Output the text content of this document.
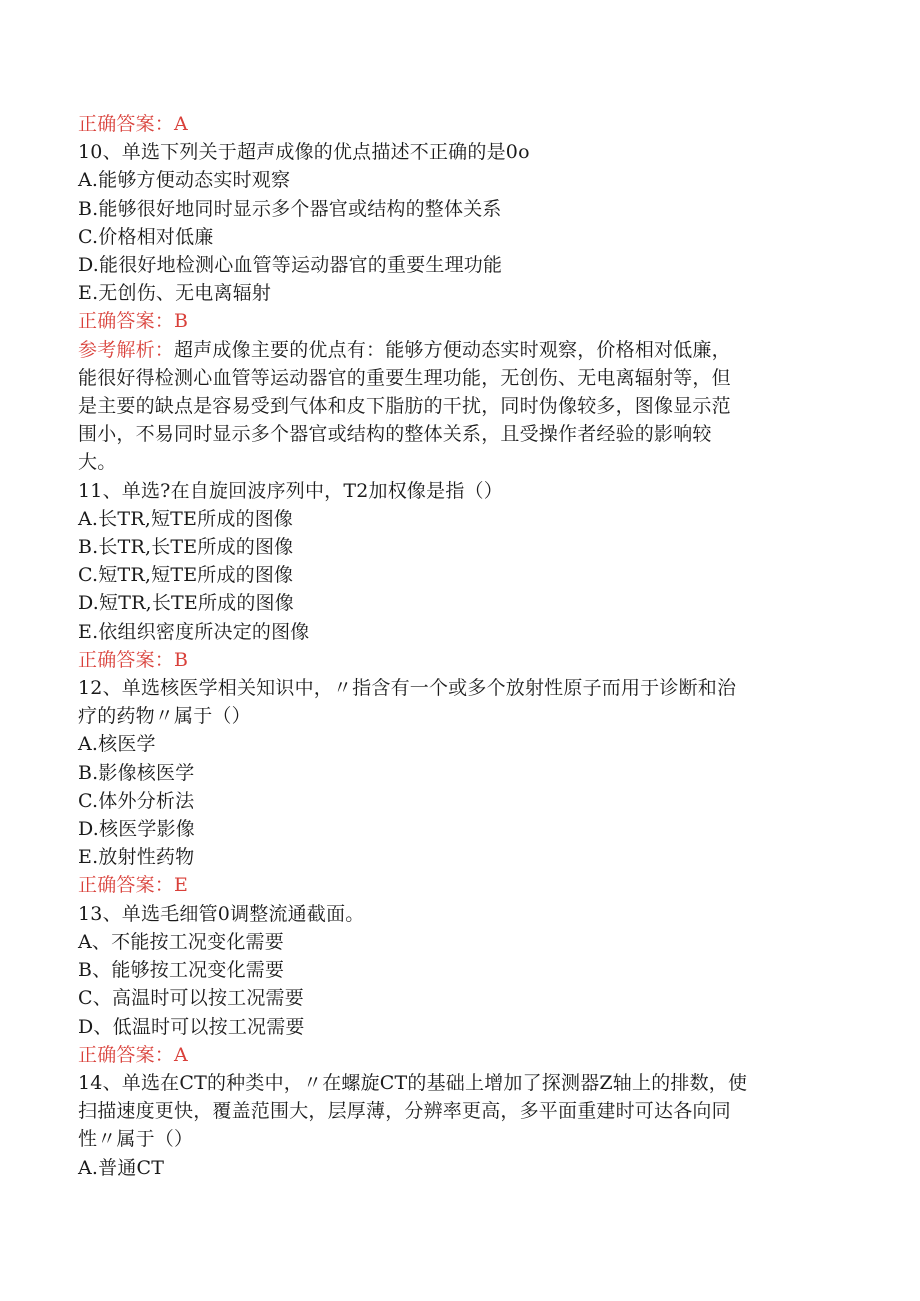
正确答案：A
10、单选下列关于超声成像的优点描述不正确的是0o
A.能够方便动态实时观察
B.能够很好地同时显示多个器官或结构的整体关系
C.价格相对低廉
D.能很好地检测心血管等运动器官的重要生理功能
E.无创伤、无电离辐射
正确答案：B
参考解析：超声成像主要的优点有：能够方便动态实时观察，价格相对低廉，
能很好得检测心血管等运动器官的重要生理功能，无创伤、无电离辐射等，但
是主要的缺点是容易受到气体和皮下脂肪的干扰，同时伪像较多，图像显示范
围小，不易同时显示多个器官或结构的整体关系，且受操作者经验的影响较
大。
11、单选?在自旋回波序列中，T2加权像是指（）
A.长TR,短TE所成的图像
B.长TR,长TE所成的图像
C.短TR,短TE所成的图像
D.短TR,长TE所成的图像
E.依组织密度所决定的图像
正确答案：B
12、单选核医学相关知识中，〃指含有一个或多个放射性原子而用于诊断和治
疗的药物〃属于（）
A.核医学
B.影像核医学
C.体外分析法
D.核医学影像
E.放射性药物
正确答案：E
13、单选毛细管0调整流通截面。
A、不能按工况变化需要
B、能够按工况变化需要
C、高温时可以按工况需要
D、低温时可以按工况需要
正确答案：A
14、单选在CT的种类中，〃在螺旋CT的基础上增加了探测器Z轴上的排数，使
扫描速度更快，覆盖范围大，层厚薄，分辨率更高，多平面重建时可达各向同
性〃属于（）
A.普通CT
